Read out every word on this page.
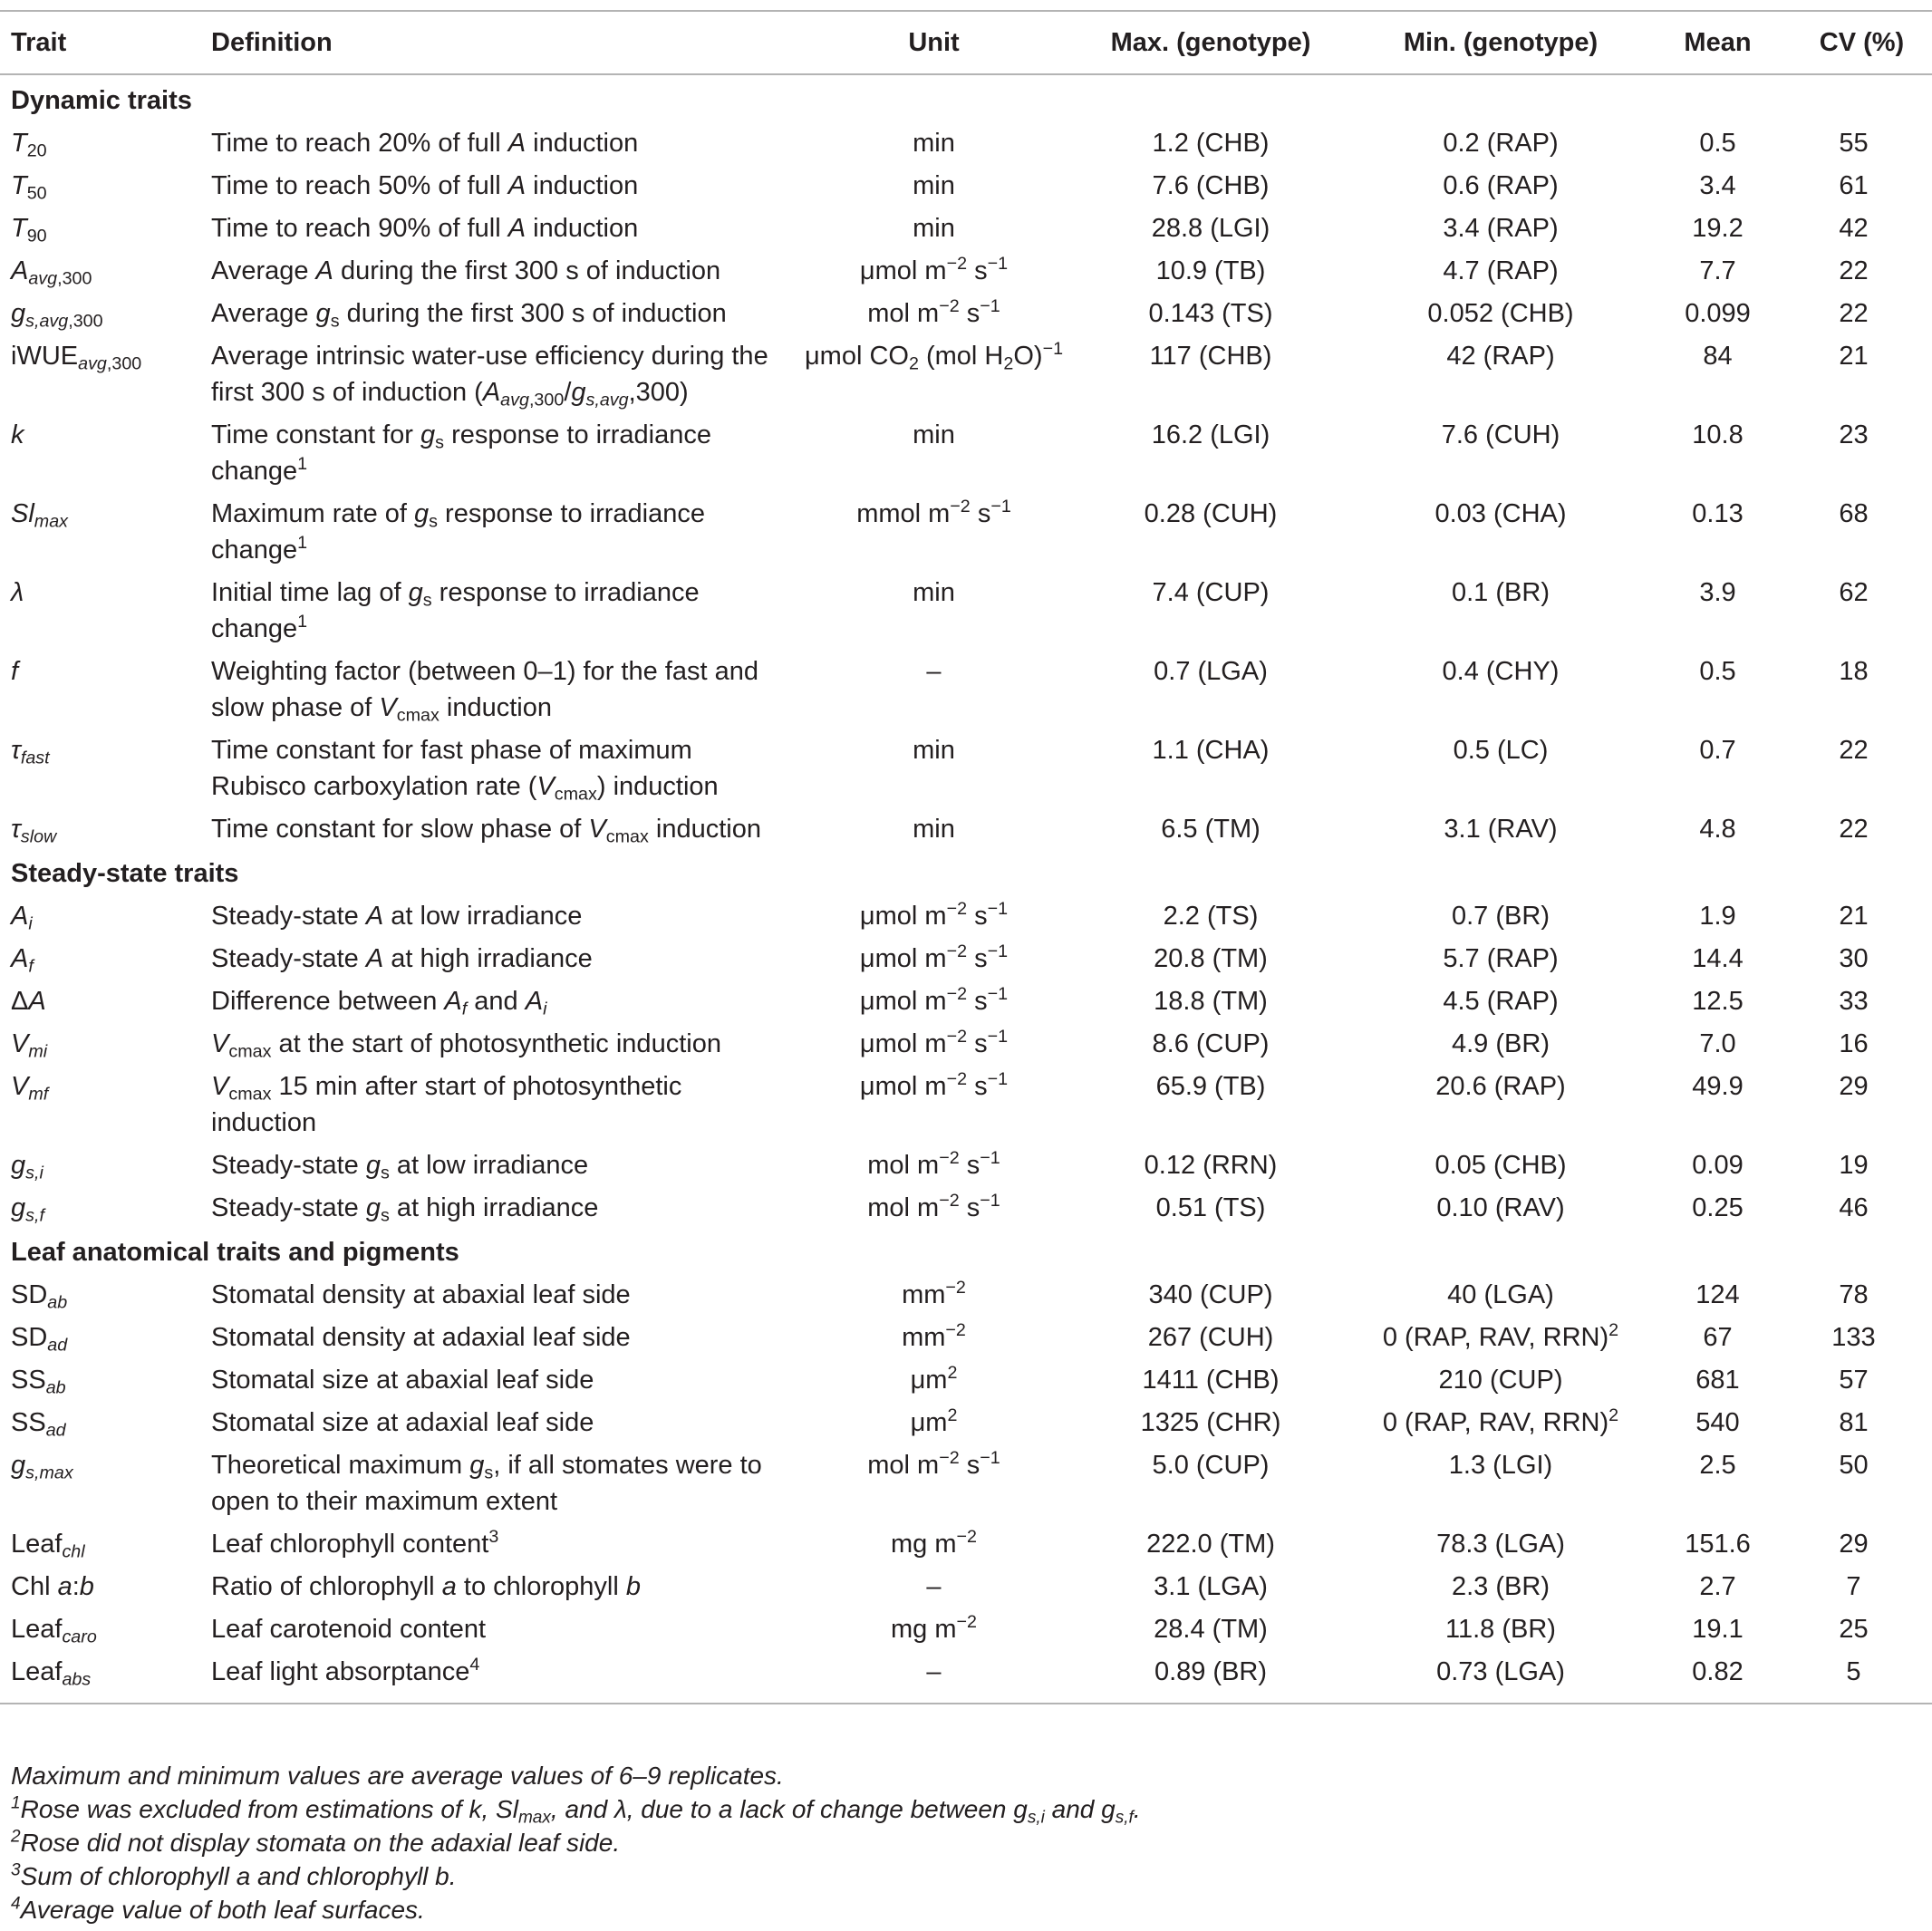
Trait	Definition	Unit	Max. (genotype)	Min. (genotype)	Mean	CV (%)
Dynamic traits						
$T_{20}$	Time to reach 20% of full A induction	min	1.2 (CHB)	0.2 (RAP)	0.5	55
$T_{50}$	Time to reach 50% of full A induction	min	7.6 (CHB)	0.6 (RAP)	3.4	61
$T_{90}$	Time to reach 90% of full A induction	min	28.8 (LGI)	3.4 (RAP)	19.2	42
$A_{avg,300}$	Average A during the first 300 s of induction	μmol $m^{-2}$ $s^{-1}$	10.9 (TB)	4.7 (RAP)	7.7	22
$g_{s,avg,300}$	Average $g_s$ during the first 300 s of induction	mol $m^{-2}$ $s^{-1}$	0.143 (TS)	0.052 (CHB)	0.099	22
iWUE$_{avg,300}$	Average intrinsic water-use efficiency during the first 300 s of induction $(A_{avg,300}/g_{s,avg},300)$	μmol $CO_2$ (mol $H_2O)^{-1}$	117 (CHB)	42 (RAP)	84	21
k	Time constant for $g_s$ response to irradiance change$^1$	min	16.2 (LGI)	7.6 (CUH)	10.8	23
$Sl_{max}$	Maximum rate of $g_s$ response to irradiance change$^1$	mmol $m^{-2}$ $s^{-1}$	0.28 (CUH)	0.03 (CHA)	0.13	68
λ	Initial time lag of $g_s$ response to irradiance change$^1$	min	7.4 (CUP)	0.1 (BR)	3.9	62
f	Weighting factor (between 0–1) for the fast and slow phase of $V_{cmax}$ induction	–	0.7 (LGA)	0.4 (CHY)	0.5	18
$\tau_{fast}$	Time constant for fast phase of maximum Rubisco carboxylation rate $(V_{cmax})$ induction	min	1.1 (CHA)	0.5 (LC)	0.7	22
$\tau_{slow}$	Time constant for slow phase of $V_{cmax}$ induction	min	6.5 (TM)	3.1 (RAV)	4.8	22
Steady-state traits						
$A_i$	Steady-state A at low irradiance	μmol $m^{-2}$ $s^{-1}$	2.2 (TS)	0.7 (BR)	1.9	21
$A_f$	Steady-state A at high irradiance	μmol $m^{-2}$ $s^{-1}$	20.8 (TM)	5.7 (RAP)	14.4	30
ΔA	Difference between $A_f$ and $A_i$	μmol $m^{-2}$ $s^{-1}$	18.8 (TM)	4.5 (RAP)	12.5	33
$V_{mi}$	$V_{cmax}$ at the start of photosynthetic induction	μmol $m^{-2}$ $s^{-1}$	8.6 (CUP)	4.9 (BR)	7.0	16
$V_{mf}$	$V_{cmax}$ 15 min after start of photosynthetic induction	μmol $m^{-2}$ $s^{-1}$	65.9 (TB)	20.6 (RAP)	49.9	29
$g_{s,i}$	Steady-state $g_s$ at low irradiance	mol $m^{-2}$ $s^{-1}$	0.12 (RRN)	0.05 (CHB)	0.09	19
$g_{s,f}$	Steady-state $g_s$ at high irradiance	mol $m^{-2}$ $s^{-1}$	0.51 (TS)	0.10 (RAV)	0.25	46
Leaf anatomical traits and pigments						
$SD_{ab}$	Stomatal density at abaxial leaf side	$mm^{-2}$	340 (CUP)	40 (LGA)	124	78
$SD_{ad}$	Stomatal density at adaxial leaf side	$mm^{-2}$	267 (CUH)	0 (RAP, RAV, RRN)$^2$	67	133
$SS_{ab}$	Stomatal size at abaxial leaf side	$\mu m^2$	1411 (CHB)	210 (CUP)	681	57
$SS_{ad}$	Stomatal size at adaxial leaf side	$\mu m^2$	1325 (CHR)	0 (RAP, RAV, RRN)$^2$	540	81
$g_{s,max}$	Theoretical maximum $g_s$, if all stomates were to open to their maximum extent	mol $m^{-2}$ $s^{-1}$	5.0 (CUP)	1.3 (LGI)	2.5	50
Leaf$_{chl}$	Leaf chlorophyll content$^3$	mg $m^{-2}$	222.0 (TM)	78.3 (LGA)	151.6	29
Chl a:b	Ratio of chlorophyll a to chlorophyll b	–	3.1 (LGA)	2.3 (BR)	2.7	7
Leaf$_{caro}$	Leaf carotenoid content	mg $m^{-2}$	28.4 (TM)	11.8 (BR)	19.1	25
Leaf$_{abs}$	Leaf light absorptance$^4$	–	0.89 (BR)	0.73 (LGA)	0.82	5

Maximum and minimum values are average values of 6–9 replicates.

$^1$Rose was excluded from estimations of k, $Sl_{max}$, and λ, due to a lack of change between $g_{s,i}$ and $g_{s,f}$.

$^2$Rose did not display stomata on the adaxial leaf side.

$^3$Sum of chlorophyll a and chlorophyll b.

$^4$Average value of both leaf surfaces.
